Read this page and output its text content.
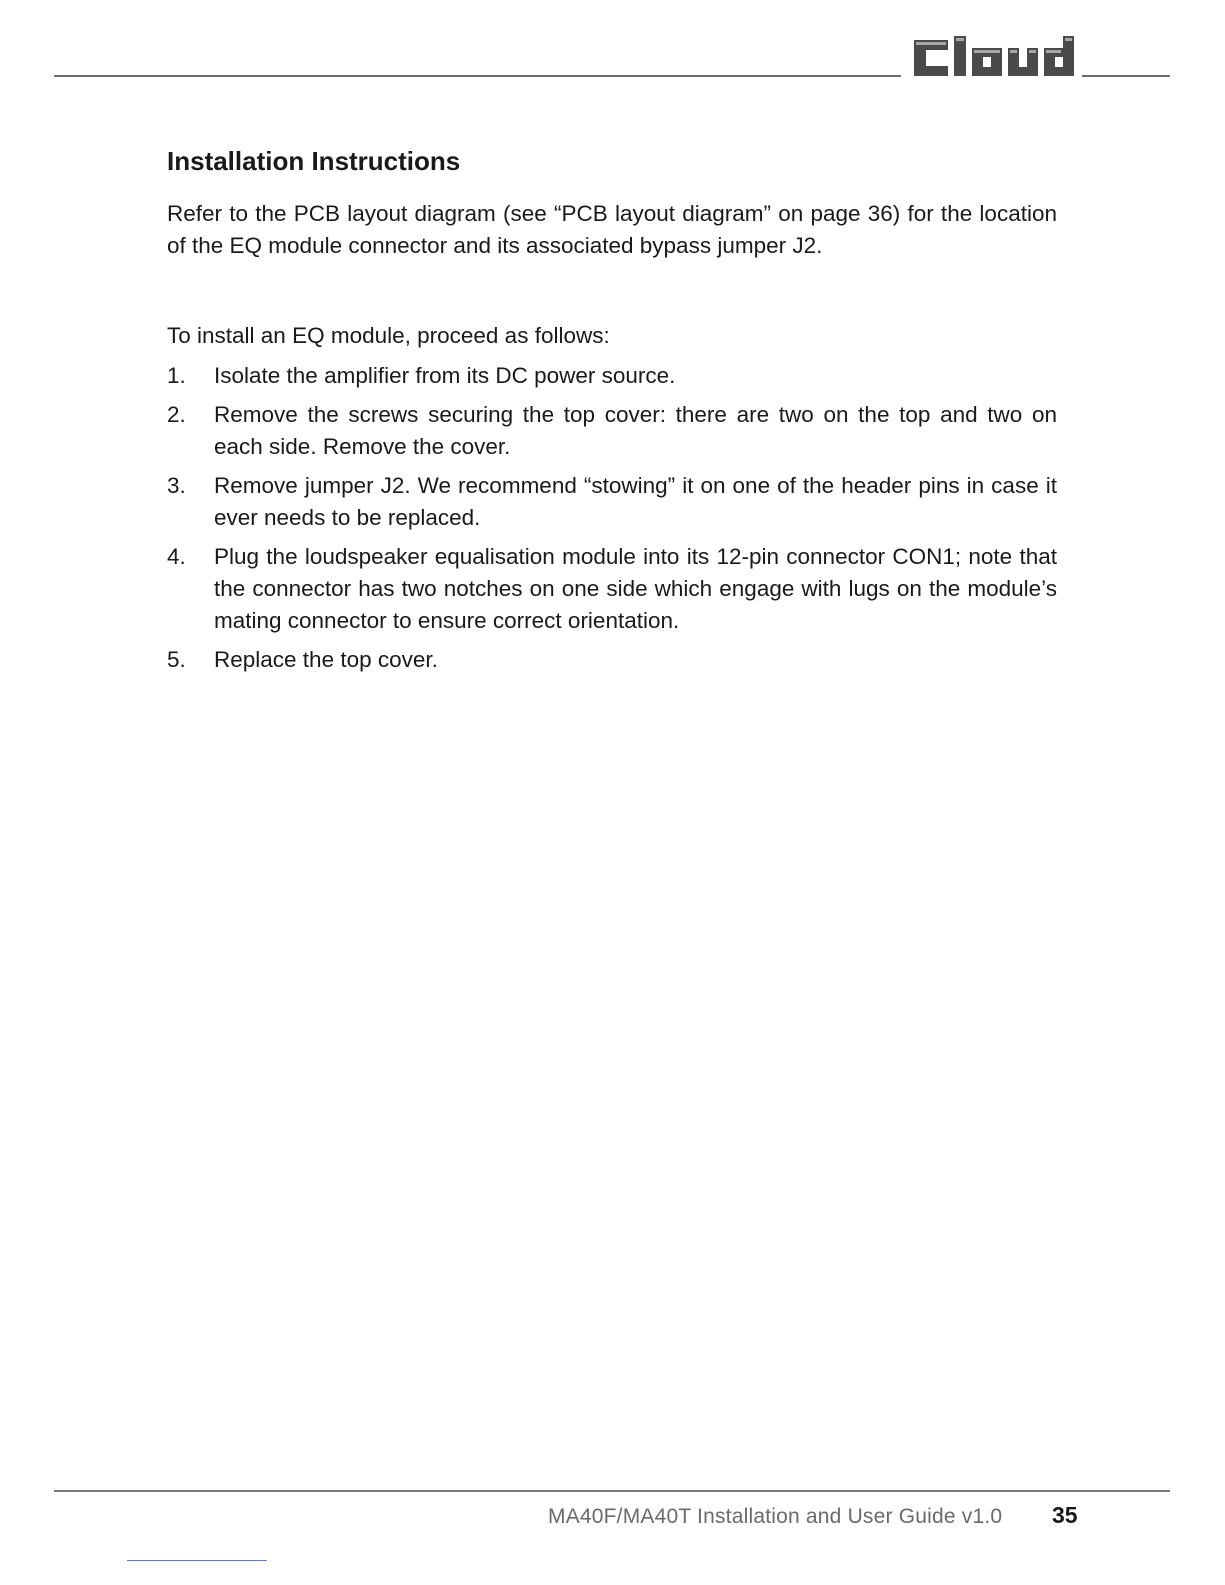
Installation Instructions

Refer to the PCB layout diagram (see “PCB layout diagram” on page 36) for the location of the EQ module connector and its associated bypass jumper J2.

To install an EQ module, proceed as follows:

1.	Isolate the amplifier from its DC power source.
2.	Remove the screws securing the top cover: there are two on the top and two on each side. Remove the cover.
3.	Remove jumper J2. We recommend “stowing” it on one of the header pins in case it ever needs to be replaced.
4.	Plug the loudspeaker equalisation module into its 12-pin connector CON1; note that the connector has two notches on one side which engage with lugs on the module’s mating connector to ensure correct orientation.
5.	Replace the top cover.
MA40F/MA40T Installation and User Guide v1.0 35
